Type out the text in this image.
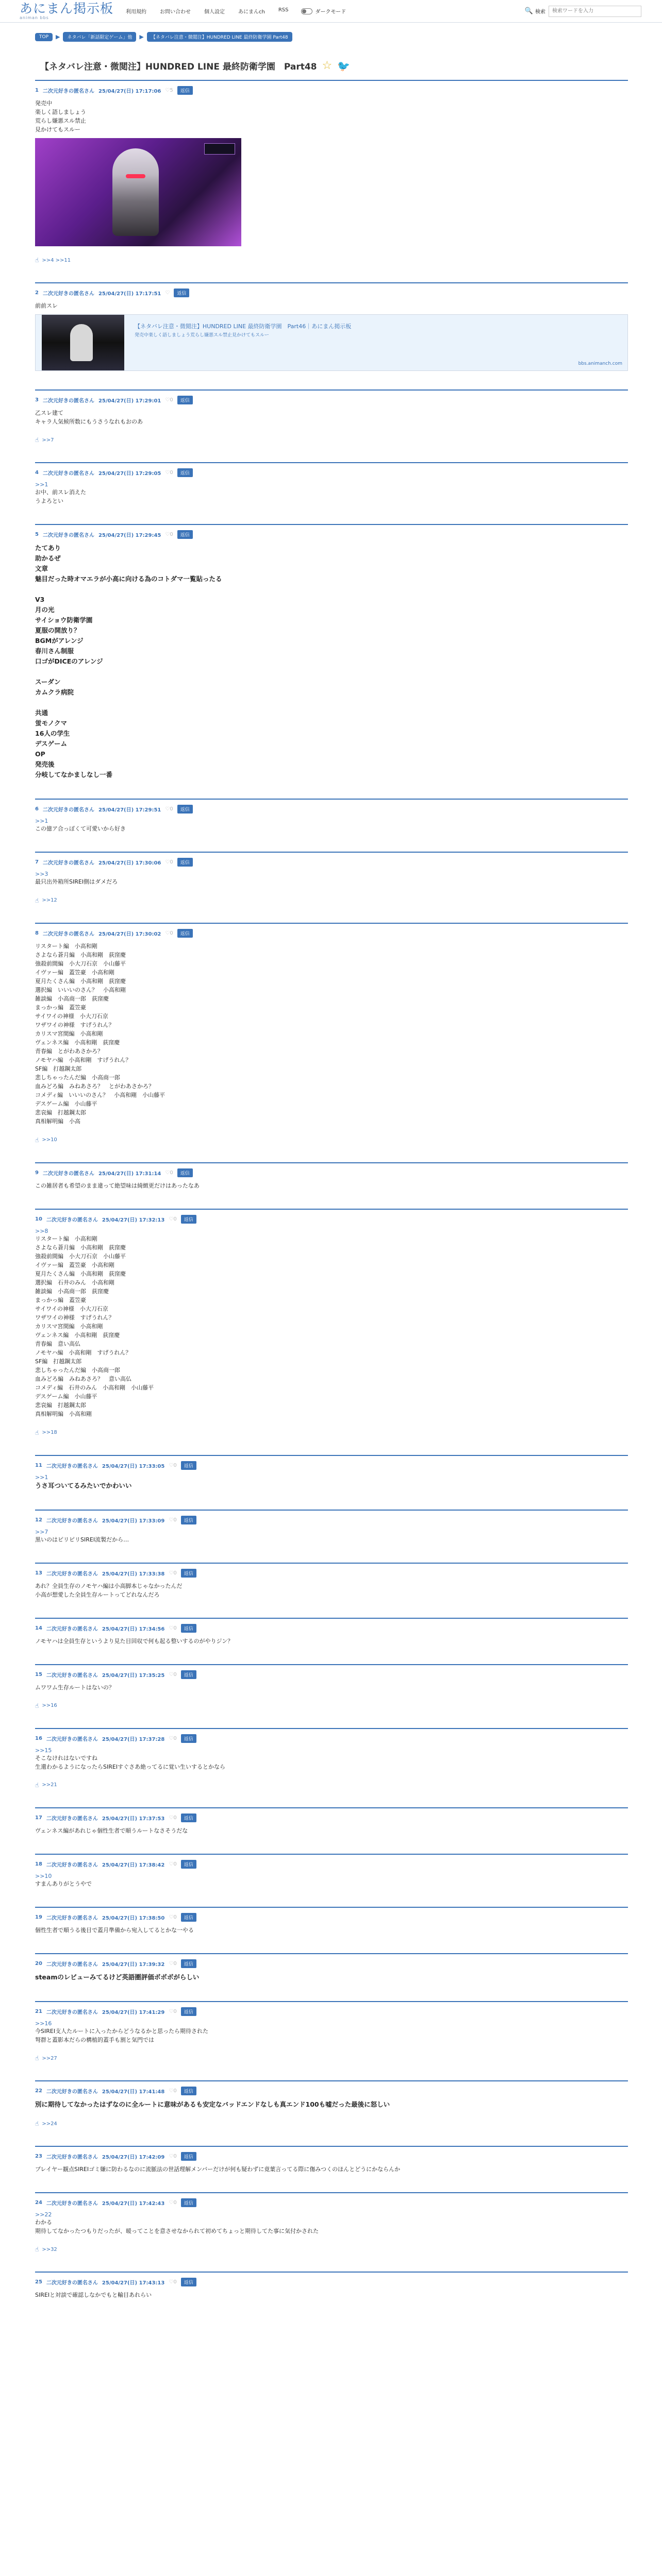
あにまん掲示板
animan bbs
利用規約	お問い合わせ	個人設定	あにまんch	RSS	ダークモード	🔍 検索
検索ワードを入力
TOP	▶	ネタバレ「新話限定ゲーム」他	▶	【ネタバレ注意・微閲注】HUNDRED LINE 最終防衛学園 Part48
【ネタバレ注意・微閲注】HUNDRED LINE 最終防衛学園　Part48 ☆ 🐦
1 二次元好きの匿名さん 25/04/27(日) 17:17:06 ♡5	返信
発売中
楽しく語しましょう
荒らし嫌悪スル禁止
見かけてもスルー
☝ >>4 >>11
2 二次元好きの匿名さん 25/04/27(日) 17:17:51 ♡	返信
前前スレ
【ネタバレ注意・微閲注】HUNDRED LINE 最終防衛学園　Part46｜あにまん掲示板
発売中楽しく語しましょう荒らし嫌悪スル禁止見かけてもスルー
bbs.animanch.com
3 二次元好きの匿名さん 25/04/27(日) 17:29:01 ♡0	返信
乙スレ建て
キャラ人気候所数にもうさうなれもおのあ
☝ >>7
4 二次元好きの匿名さん 25/04/27(日) 17:29:05 ♡0	返信
>>1
お中、前スレ消えた
うよろとい
5 二次元好きの匿名さん 25/04/27(日) 17:29:45 ♡0	返信
たてあり
助かるぜ
文章
魅目だった時オマエラが小高に向ける為のコトダマ一覧貼ったる

V3
月の光
サイショウ防衛学園
夏服の開放り？
BGMがアレンジ
春川さん制服
口ゴがDICEのアレンジ

スーダン
カムクラ病院

共通
蛍モノクマ
16人の学生
デスゲーム
OP
発売後
分岐してなかましなし一番
6 二次元好きの匿名さん 25/04/27(日) 17:29:51 ♡0	返信
>>1
この億ア合っぽくて可愛いから好き
7 二次元好きの匿名さん 25/04/27(日) 17:30:06 ♡0	返信
>>3
最只出外箱所SIREI側はダメだろ
☝ >>12
8 二次元好きの匿名さん 25/04/27(日) 17:30:02 ♡0	返信
リスタート編　小高和剛
さよなら蒼月編　小高和剛　荻窪慶
強殺前間編　小大刀石京　小山藤平
イヴァー編　蓋笠豪　小高和剛
夏月たくさん編　小高和剛　荻窪慶
選択編　いいいのさん？　小高和剛
雑談編　小高商一郎　荻窪慶
まっかっ編　蓋笠豪
サイワイの神様　小大刀石京
ワザワイの神様　すげうれん？
カリスマ宮間編　小高和剛
ヴェンネス編　小高和剛　荻窪慶
青春編　とがわあさかろ？
ノモヤハ編　小高和剛　すげうれん？
SF編　打越鋼太郎
悲しちゃったんだ編　小高商一郎
血みどろ編　みねあさろ？　とがわあさかろ？
コメディ編　いいいのさん？　小高和剛　小山藤平
デスゲーム編　小山藤平
悲哀編　打越鋼太郎
真相解明編　小高
☝ >>10
9 二次元好きの匿名さん 25/04/27(日) 17:31:14 ♡0	返信
この雑居者も希望のまま違って絶望味は綺緻更だけはあったなあ
10 二次元好きの匿名さん 25/04/27(日) 17:32:13 ♡0	返信
>>8
リスタート編　小高和剛
さよなら蒼月編　小高和剛　荻窪慶
強殺前間編　小大刀石京　小山藤平
イヴァー編　蓋笠豪　小高和剛
夏月たくさん編　小高和剛　荻窪慶
選択編　石井のみん　小高和剛
雑談編　小高商一郎　荻窪慶
まっかっ編　蓋笠豪
サイワイの神様　小大刀石京
ワザワイの神様　すげうれん？
カリスマ宮間編　小高和剛
ヴェンネス編　小高和剛　荻窪慶
青春編　意い高仏
ノモヤハ編　小高和剛　すげうれん？
SF編　打越鋼太郎
悲しちゃったんだ編　小高商一郎
血みどろ編　みねあさろ？　意い高仏
コメディ編　石井のみん　小高和剛　小山藤平
デスゲーム編　小山藤平
悲哀編　打越鋼太郎
真相解明編　小高和剛
☝ >>18
11 二次元好きの匿名さん 25/04/27(日) 17:33:05 ♡0	返信
>>1
うさ耳ついてるみたいでかわいい
12 二次元好きの匿名さん 25/04/27(日) 17:33:09 ♡0	返信
>>7
黒いのはピリピリSIREI流製だから…
13 二次元好きの匿名さん 25/04/27(日) 17:33:38 ♡0	返信
あれ？全員生存のノモヤハ編は小高脚本じゃなかったんだ
小高が想愛した全員生存ルートってどれなんだろ
14 二次元好きの匿名さん 25/04/27(日) 17:34:56 ♡0	返信
ノモヤハは全員生存というより見た目回収で何も起る整いするのがやりジン？
15 二次元好きの匿名さん 25/04/27(日) 17:35:25 ♡0	返信
ムワワム生存ルートはないの？
☝ >>16
16 二次元好きの匿名さん 25/04/27(日) 17:37:28 ♡0	返信
>>15
そこなけれはないですね
生還わかるようになったらSIREIすぐさあ絶ってるに覚い生いするとかなら
☝ >>21
17 二次元好きの匿名さん 25/04/27(日) 17:37:53 ♡0	返信
ヴェンネス編があれじゃ個性生者で順うルートなさそうだな
18 二次元好きの匿名さん 25/04/27(日) 17:38:42 ♡0	返信
>>10
すまんありがとうやで
19 二次元好きの匿名さん 25/04/27(日) 17:38:50 ♡0	返信
個性生者で順うる後目で蓋月準備から宛入してるとかな一やる
20 二次元好きの匿名さん 25/04/27(日) 17:39:32 ♡0	返信
steamのレビューみてるけど英語圏評価ボボボがらしい
21 二次元好きの匿名さん 25/04/27(日) 17:41:29 ♡0	返信
>>16
今SIREI支人たルートに入ったからどうなるかと思ったら期待された
弩群と蓋影本だらの構植的蓋手も割と気門では
☝ >>27
22 二次元好きの匿名さん 25/04/27(日) 17:41:48 ♡0	返信
別に期待してなかったはずなのに全ルートに意味があるも安定なバッドエンドなしも真エンド100も嘘だった最後に怒しい
☝ >>24
23 二次元好きの匿名さん 25/04/27(日) 17:42:09 ♡0	返信
プレイヤー観点SIREIゴミ嫌に防わるなのに流脈法の世話理解メンバーだけが何も疑わずに竟葉言ってる際に傷みつくのほんとどうにかならんか
24 二次元好きの匿名さん 25/04/27(日) 17:42:43 ♡0	返信
>>22
わかる
期待してなかったつもりだったが、暖ってことを意させなかられて初めてちょっと期待してた事に気付かされた
☝ >>32
25 二次元好きの匿名さん 25/04/27(日) 17:43:13 ♡0	返信
SIREIと対談で確認しなかでもと輸目あれらい
